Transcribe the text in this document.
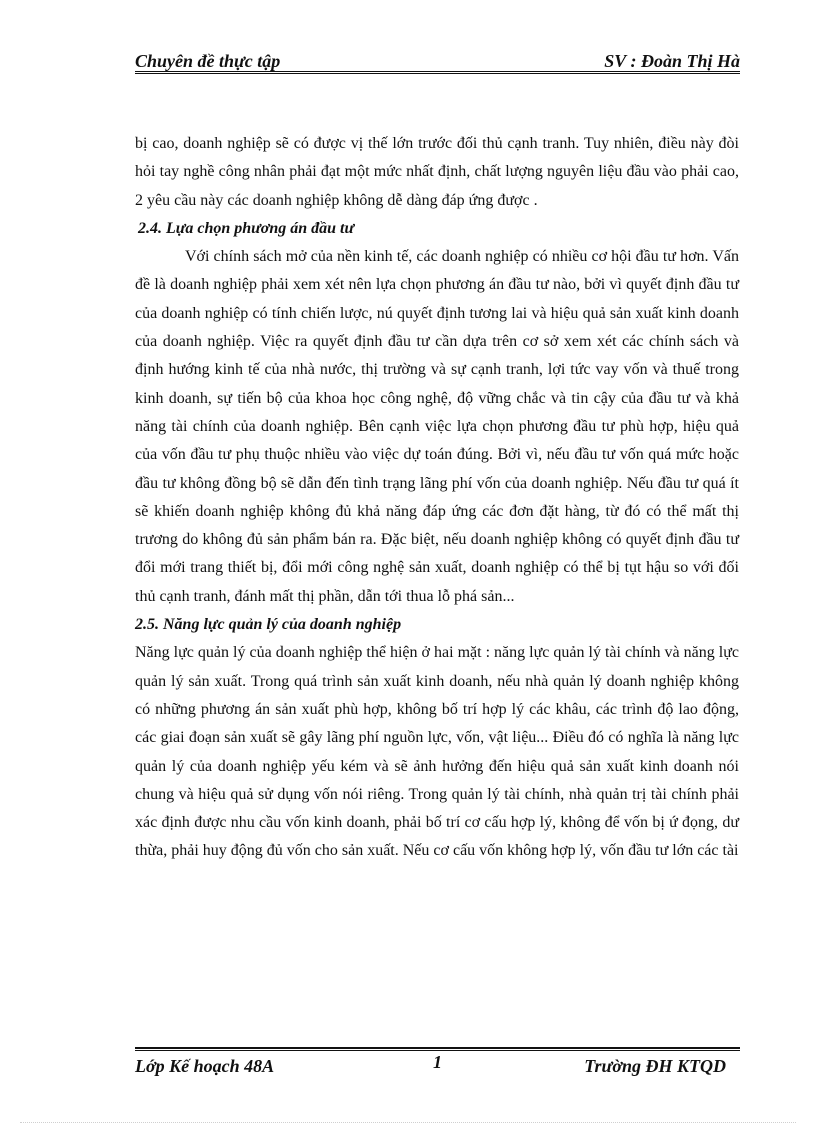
Chuyên đề thực tập	SV : Đoàn Thị Hà

bị cao, doanh nghiệp sẽ có được vị thế lớn trước đối thủ cạnh tranh. Tuy nhiên, điều này đòi hỏi tay nghề công nhân phải đạt một mức nhất định, chất lượng nguyên liệu đầu vào phải cao, 2 yêu cầu này các doanh nghiệp không dễ dàng đáp ứng được .

2.4. Lựa chọn phương án đầu tư

Với chính sách mở của nền kinh tế, các doanh nghiệp có nhiều cơ hội đầu tư hơn. Vấn đề là doanh nghiệp phải xem xét nên lựa chọn phương án đầu tư nào, bởi vì quyết định đầu tư của doanh nghiệp có tính chiến lược, nú quyết định tương lai và hiệu quả sản xuất kinh doanh của doanh nghiệp. Việc ra quyết định đầu tư cần dựa trên cơ sở xem xét các chính sách và định hướng kinh tế của nhà nước, thị trường và sự cạnh tranh, lợi tức vay vốn và thuế trong kinh doanh, sự tiến bộ của khoa học công nghệ, độ vững chắc và tin cậy của đầu tư và khả năng tài chính của doanh nghiệp. Bên cạnh việc lựa chọn phương đầu tư phù hợp, hiệu quả của vốn đầu tư phụ thuộc nhiều vào việc dự toán đúng. Bởi vì, nếu đầu tư vốn quá mức hoặc đầu tư không đồng bộ sẽ dẫn đến tình trạng lãng phí vốn của doanh nghiệp. Nếu đầu tư quá ít sẽ khiến doanh nghiệp không đủ khả năng đáp ứng các đơn đặt hàng, từ đó có thể mất thị trương do không đủ sản phẩm bán ra. Đặc biệt, nếu doanh nghiệp không có quyết định đầu tư đổi mới trang thiết bị, đổi mới công nghệ sản xuất, doanh nghiệp có thể bị tụt hậu so với đối thủ cạnh tranh, đánh mất thị phần, dẫn tới thua lỗ phá sản...

2.5. Năng lực quản lý của doanh nghiệp

Năng lực quản lý của doanh nghiệp thể hiện ở hai mặt : năng lực quản lý tài chính và năng lực quản lý sản xuất. Trong quá trình sản xuất kinh doanh, nếu nhà quản lý doanh nghiệp không có những phương án sản xuất phù hợp, không bố trí hợp lý các khâu, các trình độ lao động, các giai đoạn sản xuất sẽ gây lãng phí nguồn lực, vốn, vật liệu... Điều đó có nghĩa là năng lực quản lý của doanh nghiệp yếu kém và sẽ ảnh hưởng đến hiệu quả sản xuất kinh doanh nói chung và hiệu quả sử dụng vốn nói riêng. Trong quản lý tài chính, nhà quản trị tài chính phải xác định được nhu cầu vốn kinh doanh, phải bố trí cơ cấu hợp lý, không để vốn bị ứ đọng, dư thừa, phải huy động đủ vốn cho sản xuất. Nếu cơ cấu vốn không hợp lý, vốn đầu tư lớn các tài

Lớp Kế hoạch 48A	1	Trường ĐH KTQD
